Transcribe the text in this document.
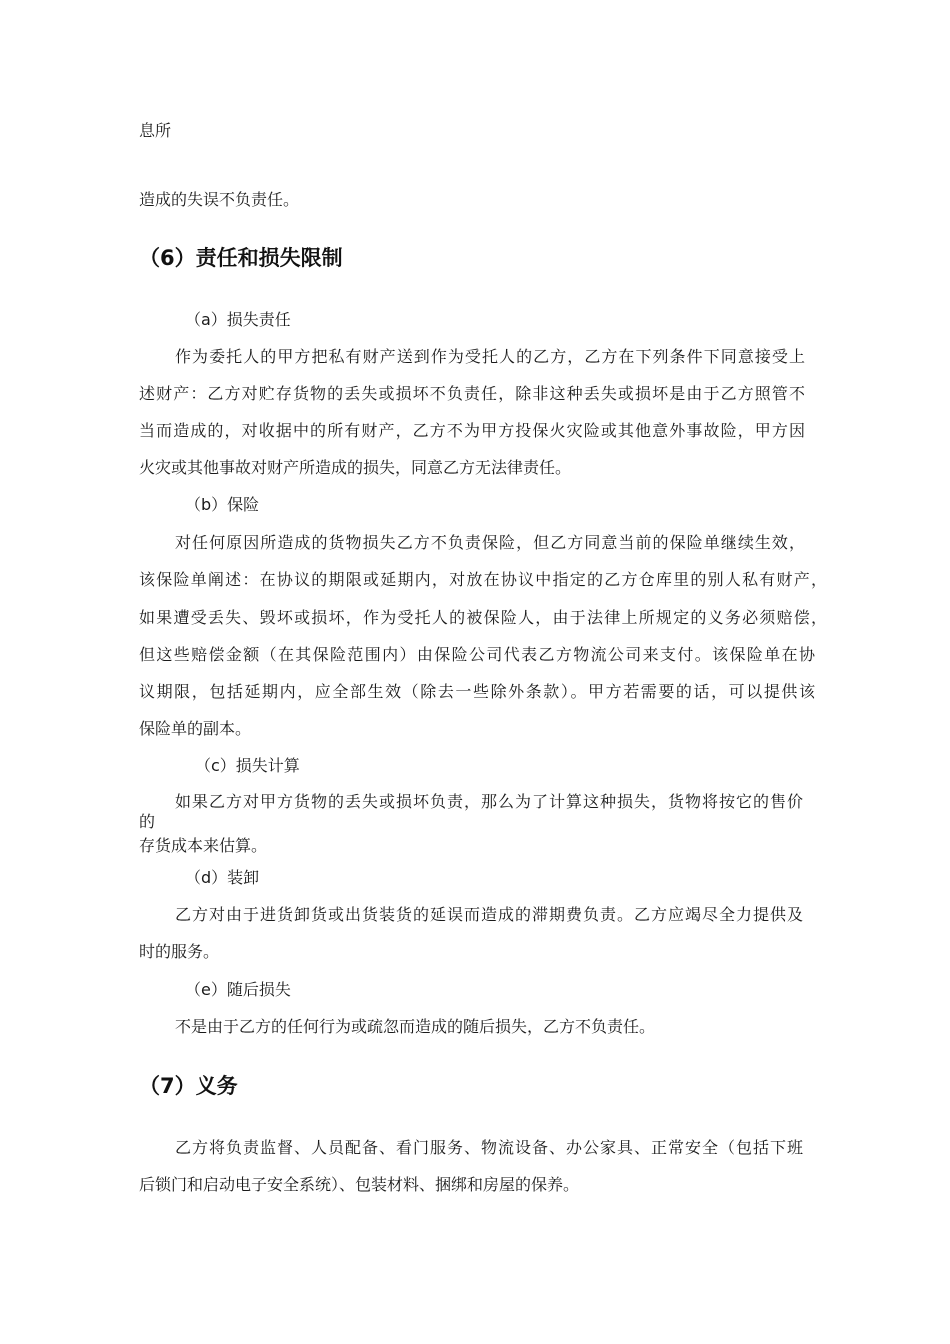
息所
造成的失误不负责任。
（6）责任和损失限制
（a）损失责任
作为委托人的甲方把私有财产送到作为受托人的乙方，乙方在下列条件下同意接受上
述财产：乙方对贮存货物的丢失或损坏不负责任，除非这种丢失或损坏是由于乙方照管不
当而造成的，对收据中的所有财产，乙方不为甲方投保火灾险或其他意外事故险，甲方因
火灾或其他事故对财产所造成的损失，同意乙方无法律责任。
（b）保险
对任何原因所造成的货物损失乙方不负责保险，但乙方同意当前的保险单继续生效，
该保险单阐述：在协议的期限或延期内，对放在协议中指定的乙方仓库里的别人私有财产，
如果遭受丢失、毁坏或损坏，作为受托人的被保险人，由于法律上所规定的义务必须赔偿，
但这些赔偿金额（在其保险范围内）由保险公司代表乙方物流公司来支付。该保险单在协
议期限，包括延期内，应全部生效（除去一些除外条款）。甲方若需要的话，可以提供该
保险单的副本。
（c）损失计算
如果乙方对甲方货物的丢失或损坏负责，那么为了计算这种损失，货物将按它的售价
的
存货成本来估算。
（d）装卸
乙方对由于进货卸货或出货装货的延误而造成的滞期费负责。乙方应竭尽全力提供及
时的服务。
（e）随后损失
不是由于乙方的任何行为或疏忽而造成的随后损失，乙方不负责任。
（7）义务
乙方将负责监督、人员配备、看门服务、物流设备、办公家具、正常安全（包括下班
后锁门和启动电子安全系统）、包装材料、捆绑和房屋的保养。
